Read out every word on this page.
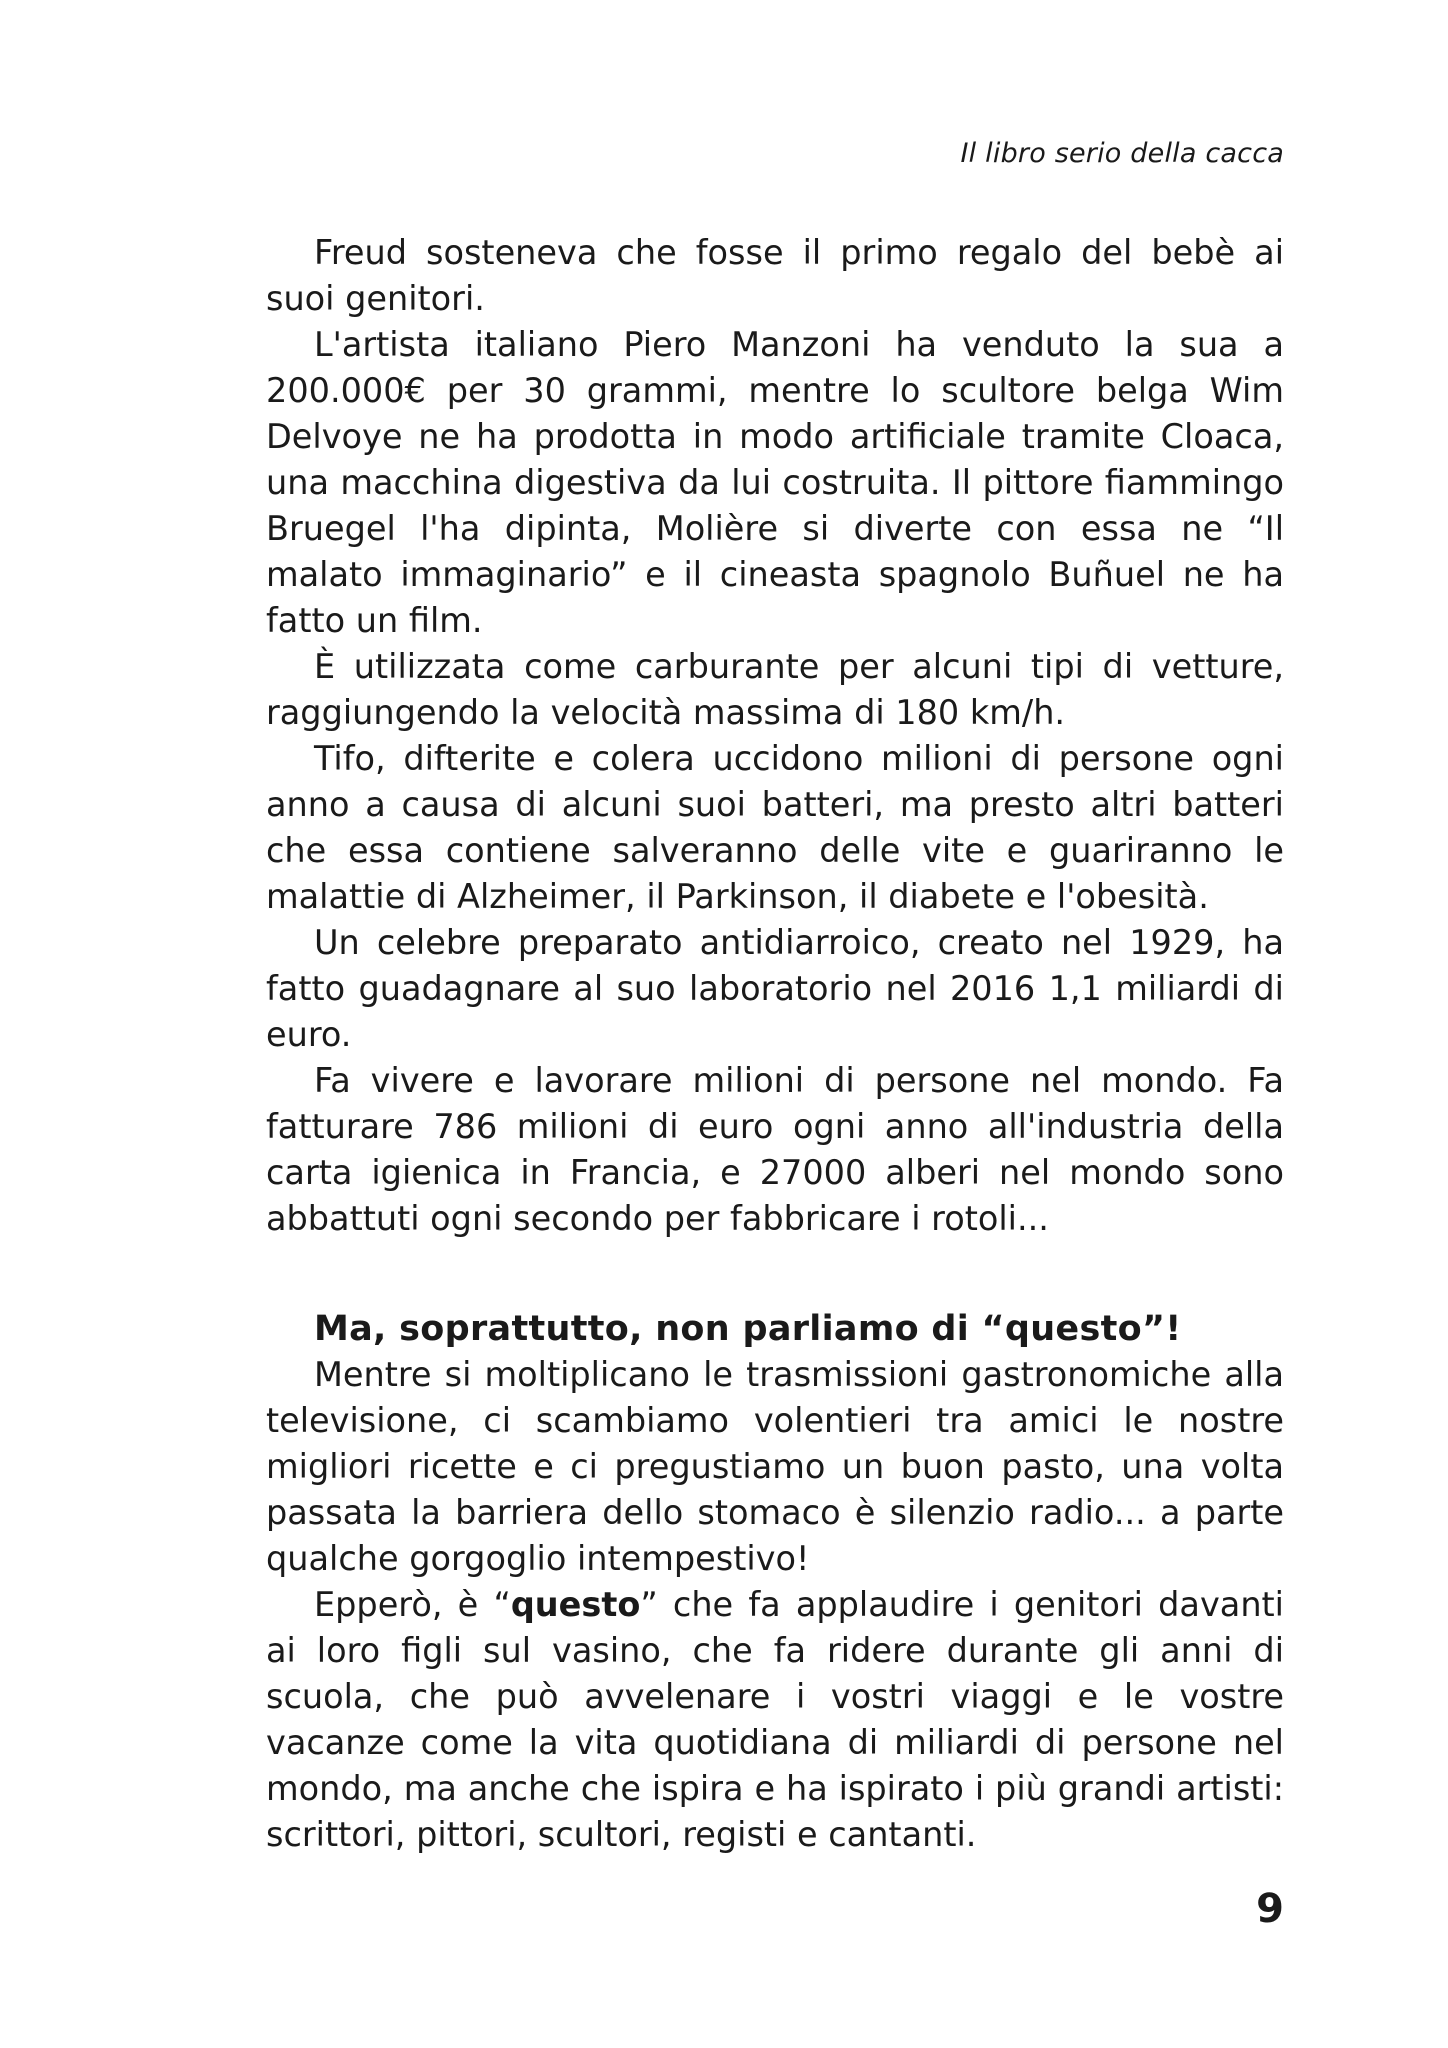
Il libro serio della cacca

Freud sosteneva che fosse il primo regalo del bebè ai suoi genitori.

L'artista italiano Piero Manzoni ha venduto la sua a 200.000€ per 30 grammi, mentre lo scultore belga Wim Delvoye ne ha prodotta in modo artificiale tramite Cloaca, una macchina digestiva da lui costruita. Il pittore fiammingo Bruegel l'ha dipinta, Molière si diverte con essa ne “Il malato immaginario” e il cineasta spagnolo Buñuel ne ha fatto un film.

È utilizzata come carburante per alcuni tipi di vetture, raggiungendo la velocità massima di 180 km/h.

Tifo, difterite e colera uccidono milioni di persone ogni anno a causa di alcuni suoi batteri, ma presto altri batteri che essa contiene salveranno delle vite e guariranno le malattie di Alzheimer, il Parkinson, il diabete e l'obesità.

Un celebre preparato antidiarroico, creato nel 1929, ha fatto guadagnare al suo laboratorio nel 2016 1,1 miliardi di euro.

Fa vivere e lavorare milioni di persone nel mondo. Fa fatturare 786 milioni di euro ogni anno all'industria della carta igienica in Francia, e 27000 alberi nel mondo sono abbattuti ogni secondo per fabbricare i rotoli...

Ma, soprattutto, non parliamo di “questo”!

Mentre si moltiplicano le trasmissioni gastronomiche alla televisione, ci scambiamo volentieri tra amici le nostre migliori ricette e ci pregustiamo un buon pasto, una volta passata la barriera dello stomaco è silenzio radio... a parte qualche gorgoglio intempestivo!

Epperò, è “questo” che fa applaudire i genitori davanti ai loro figli sul vasino, che fa ridere durante gli anni di scuola, che può avvelenare i vostri viaggi e le vostre vacanze come la vita quotidiana di miliardi di persone nel mondo, ma anche che ispira e ha ispirato i più grandi artisti: scrittori, pittori, scultori, registi e cantanti.

9
